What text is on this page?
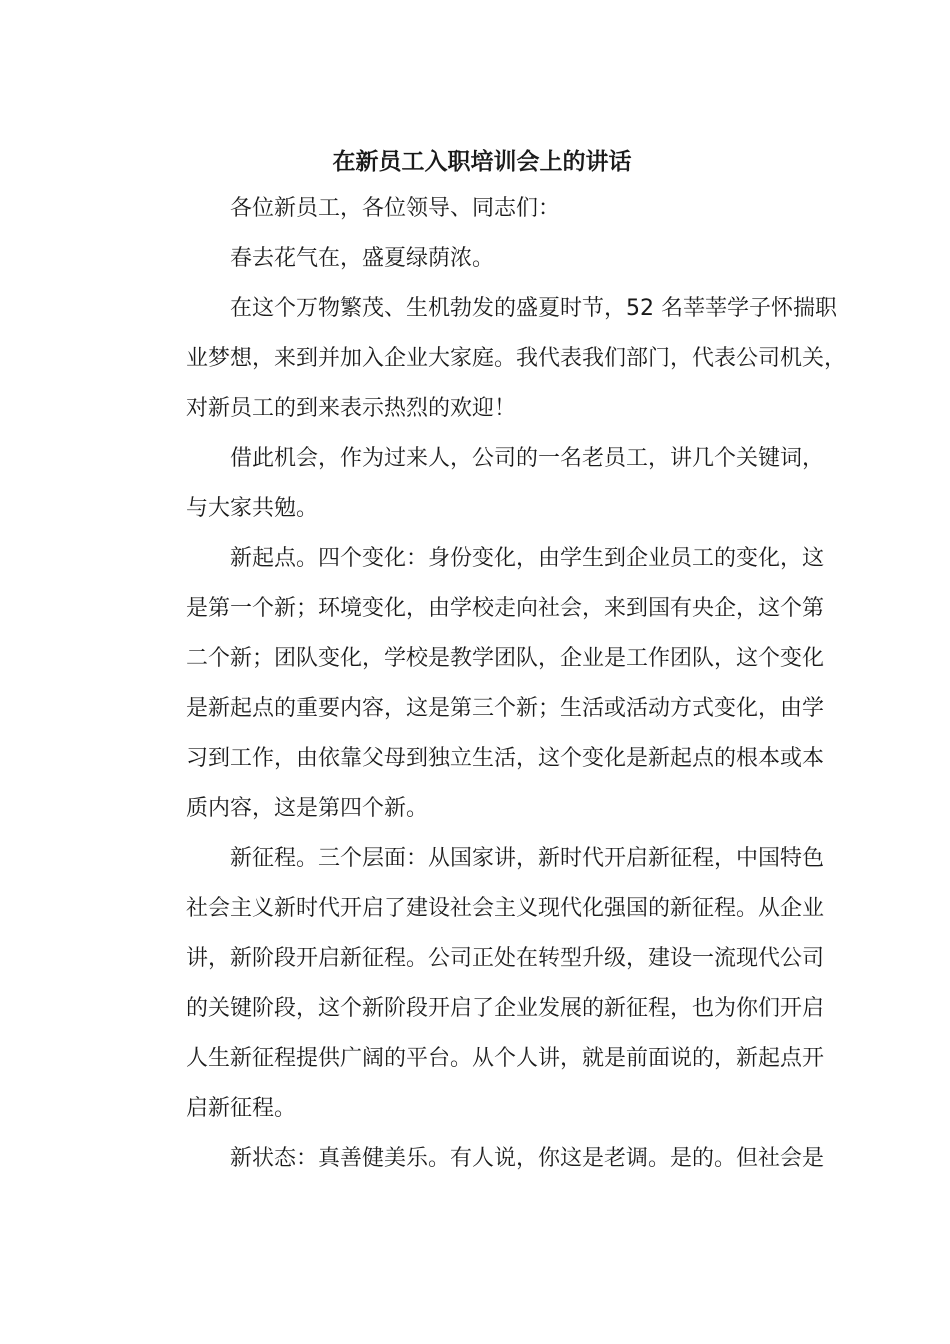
在新员工入职培训会上的讲话
各位新员工，各位领导、同志们：
春去花气在，盛夏绿荫浓。
在这个万物繁茂、生机勃发的盛夏时节，52 名莘莘学子怀揣职
业梦想，来到并加入企业大家庭。我代表我们部门，代表公司机关，
对新员工的到来表示热烈的欢迎！
借此机会，作为过来人，公司的一名老员工，讲几个关键词，
与大家共勉。
新起点。四个变化：身份变化，由学生到企业员工的变化，这
是第一个新；环境变化，由学校走向社会，来到国有央企，这个第
二个新；团队变化，学校是教学团队，企业是工作团队，这个变化
是新起点的重要内容，这是第三个新；生活或活动方式变化，由学
习到工作，由依靠父母到独立生活，这个变化是新起点的根本或本
质内容，这是第四个新。
新征程。三个层面：从国家讲，新时代开启新征程，中国特色
社会主义新时代开启了建设社会主义现代化强国的新征程。从企业
讲，新阶段开启新征程。公司正处在转型升级，建设一流现代公司
的关键阶段，这个新阶段开启了企业发展的新征程，也为你们开启
人生新征程提供广阔的平台。从个人讲，就是前面说的，新起点开
启新征程。
新状态：真善健美乐。有人说，你这是老调。是的。但社会是
